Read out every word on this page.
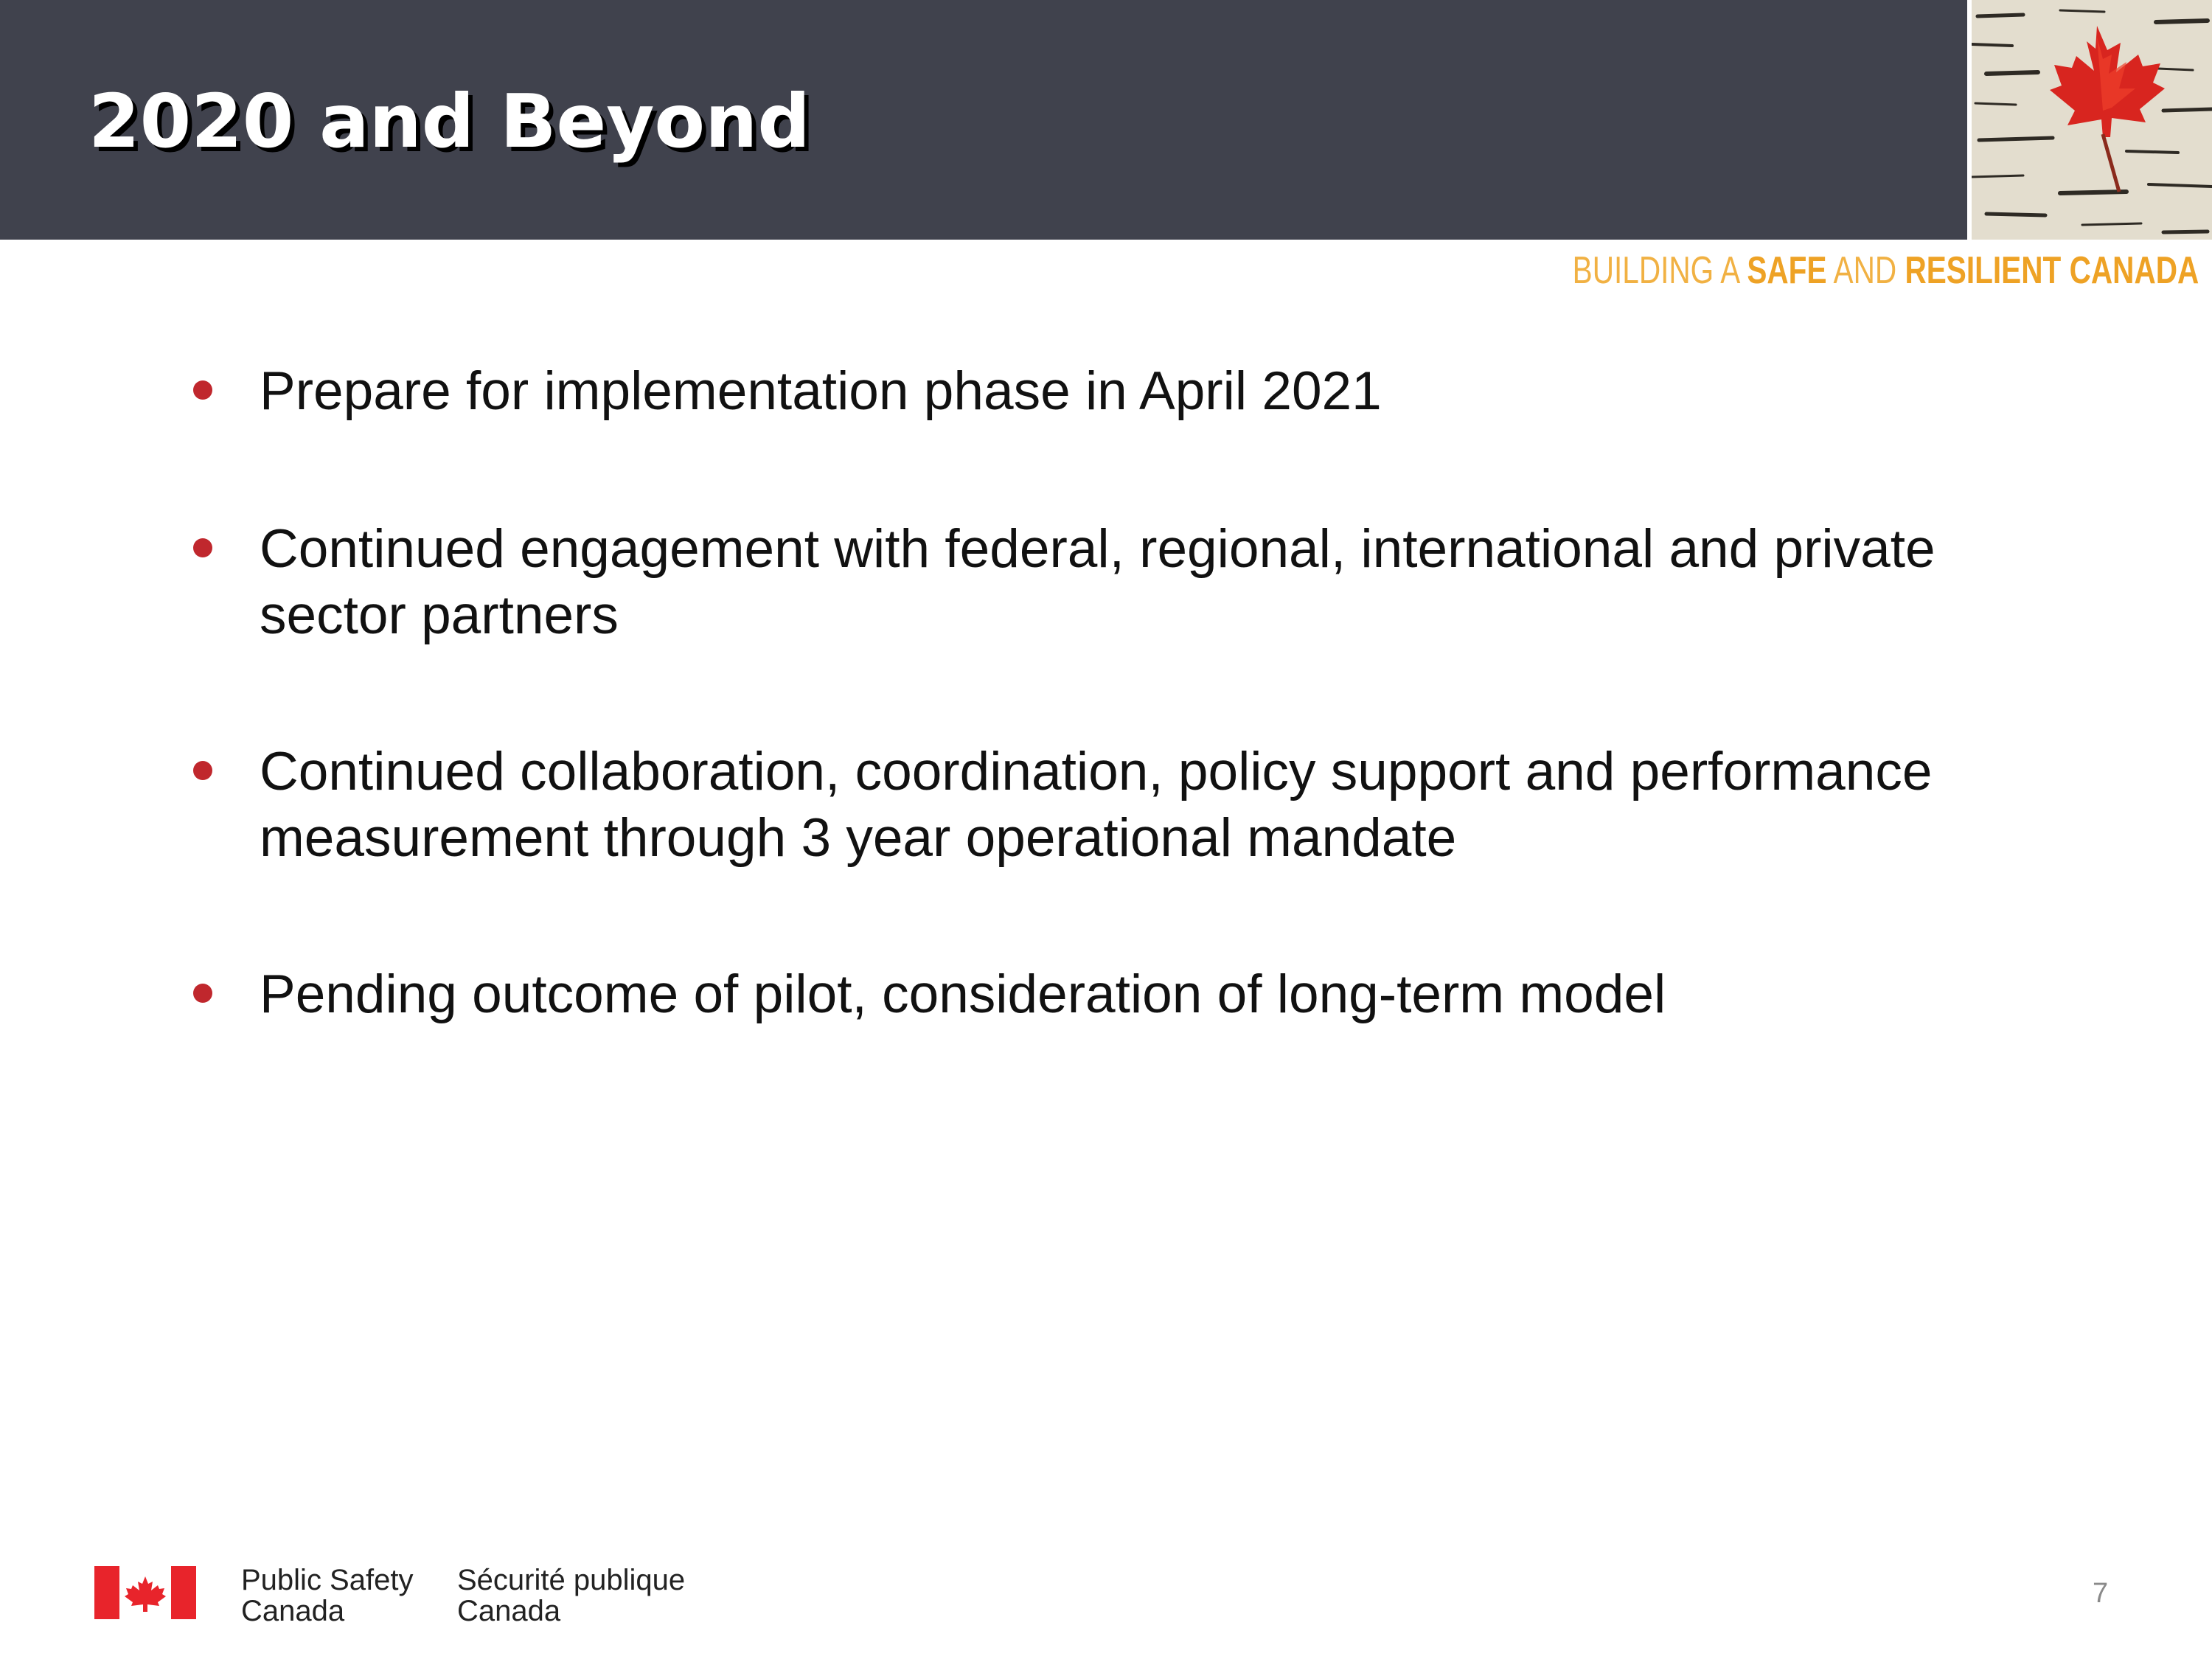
2020 and Beyond
BUILDING A SAFE AND RESILIENT CANADA
Prepare for implementation phase in April 2021
Continued engagement with federal, regional, international and private
sector partners
Continued collaboration, coordination, policy support and performance
measurement through 3 year operational mandate
Pending outcome of pilot, consideration of long-term model
Public Safety
Canada
Sécurité publique
Canada
7
